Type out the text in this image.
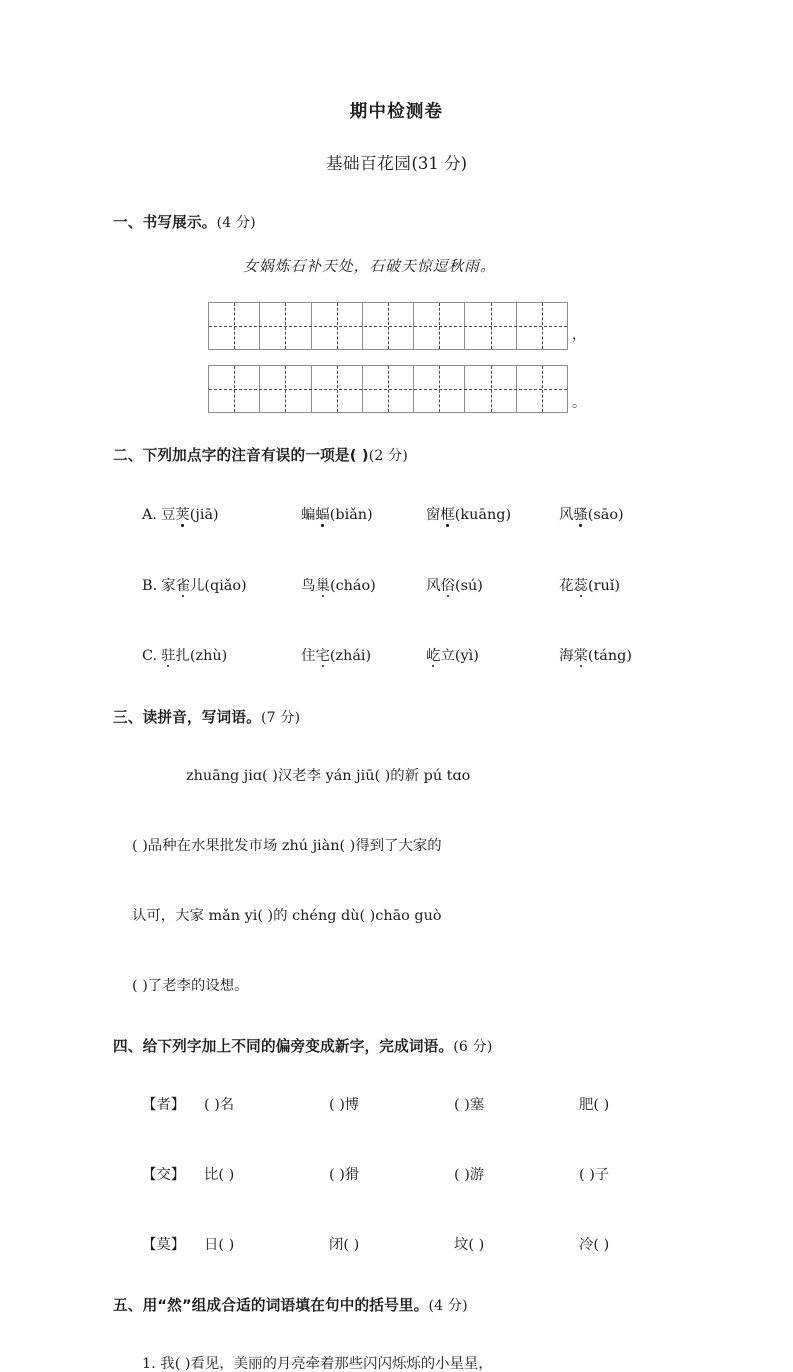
期中检测卷

基础百花园(31 分)

一、书写展示。(4 分)

女娲炼石补天处，石破天惊逗秋雨。

，
。

二、下列加点字的注音有误的一项是( )(2 分)

A. 豆荚(jiā)	蝙蝠(biǎn)	窗框(kuāng)	风骚(sāo)

B. 家雀儿(qiǎo)	鸟巢(cháo)	风俗(sú)	花蕊(ruǐ)

C. 驻扎(zhù)	住宅(zhái)	屹立(yì)	海棠(táng)

三、读拼音，写词语。(7 分)

zhuāng jiɑ( )汉老李 yán jiū( )的新 pú tɑo

( )品种在水果批发市场 zhú jiàn( )得到了大家的

认可，大家 mǎn yi( )的 chéng dù( )chāo guò

( )了老李的设想。

四、给下列字加上不同的偏旁变成新字，完成词语。(6 分)

【者】 ( )名	( )博	( )塞	肥( )

【交】 比( )	( )猾	( )游	( )子

【莫】 日( )	闭( )	坟( )	冷( )

五、用“然”组成合适的词语填在句中的括号里。(4 分)

1. 我( )看见，美丽的月亮牵着那些闪闪烁烁的小星星，
